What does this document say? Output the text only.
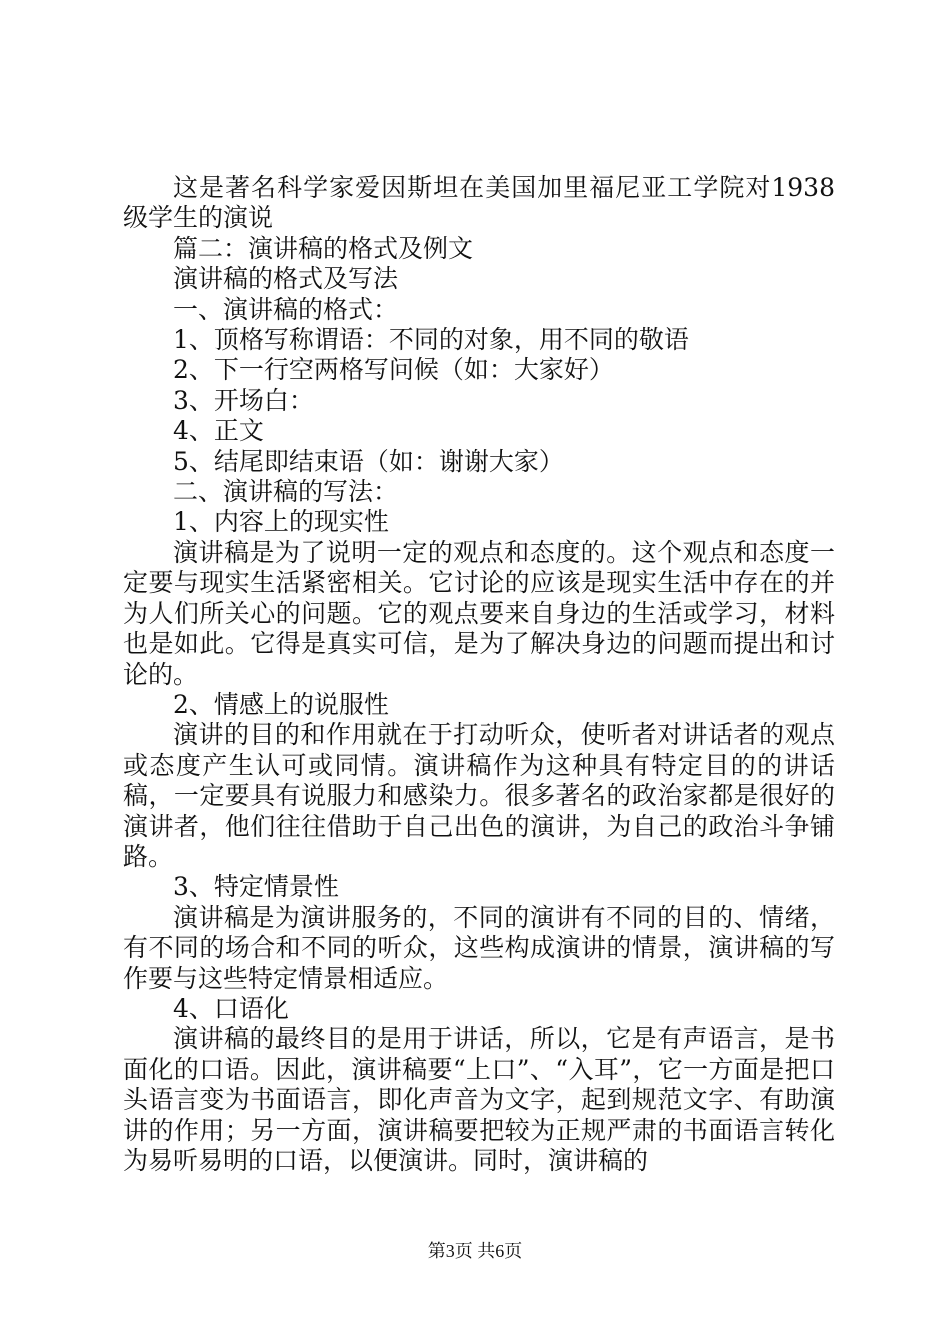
这是著名科学家爱因斯坦在美国加里福尼亚工学院对1938级学生的演说

篇二：演讲稿的格式及例文

演讲稿的格式及写法

一、演讲稿的格式：

1、顶格写称谓语：不同的对象，用不同的敬语

2、下一行空两格写问候（如：大家好）

3、开场白：

4、正文

5、结尾即结束语（如：谢谢大家）

二、演讲稿的写法：

1、内容上的现实性

演讲稿是为了说明一定的观点和态度的。这个观点和态度一定要与现实生活紧密相关。它讨论的应该是现实生活中存在的并为人们所关心的问题。它的观点要来自身边的生活或学习，材料也是如此。它得是真实可信，是为了解决身边的问题而提出和讨论的。

2、情感上的说服性

演讲的目的和作用就在于打动听众，使听者对讲话者的观点或态度产生认可或同情。演讲稿作为这种具有特定目的的讲话稿，一定要具有说服力和感染力。很多著名的政治家都是很好的演讲者，他们往往借助于自己出色的演讲，为自己的政治斗争铺路。

3、特定情景性

演讲稿是为演讲服务的，不同的演讲有不同的目的、情绪，有不同的场合和不同的听众，这些构成演讲的情景，演讲稿的写作要与这些特定情景相适应。

4、口语化

演讲稿的最终目的是用于讲话，所以，它是有声语言，是书面化的口语。因此，演讲稿要“上口”、“入耳”，它一方面是把口头语言变为书面语言，即化声音为文字，起到规范文字、有助演讲的作用；另一方面，演讲稿要把较为正规严肃的书面语言转化为易听易明的口语，以便演讲。同时，演讲稿的

第3页 共6页
